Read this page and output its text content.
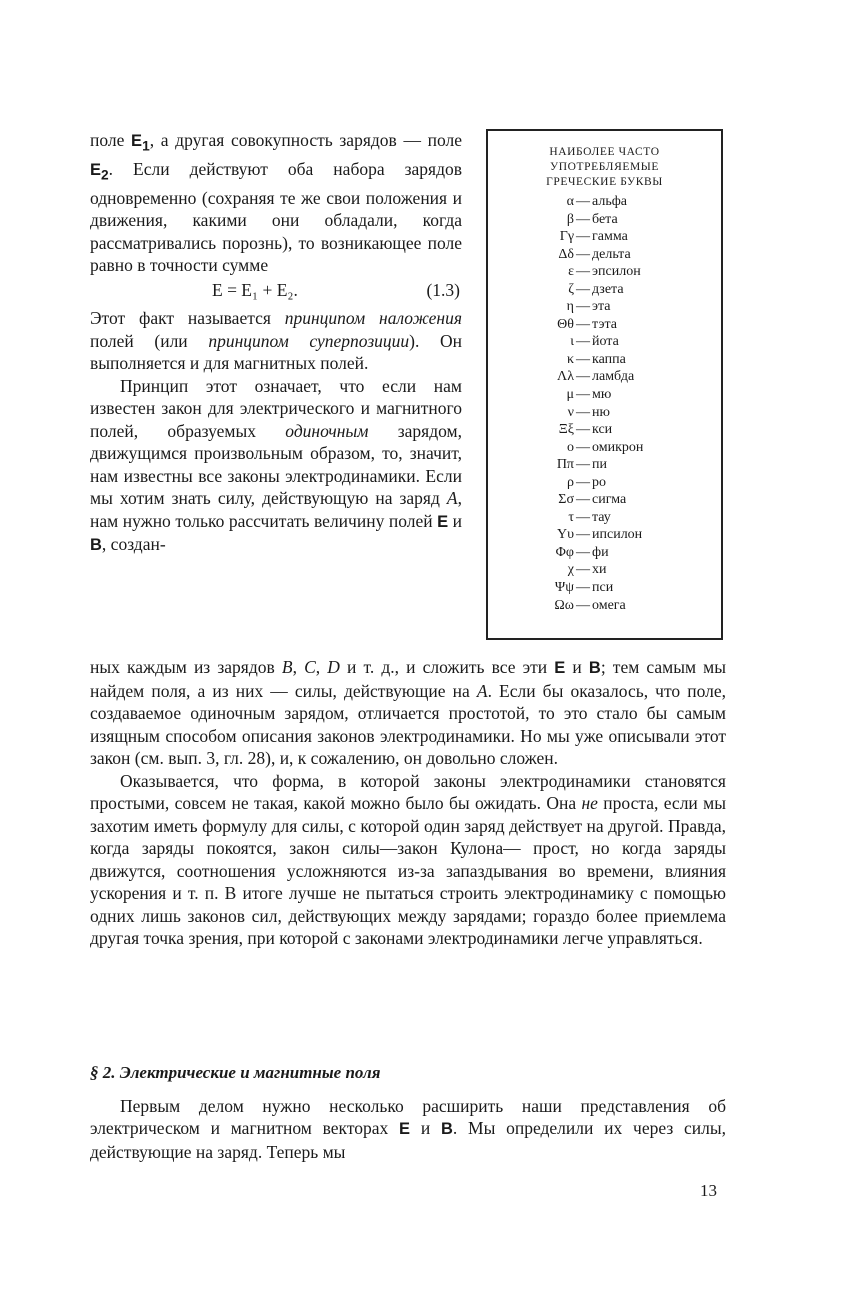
поле $E_1$, а другая совокупность зарядов — поле $E_2$. Если действуют оба набора зарядов одновременно (сохраняя те же свои положения и движения, какими они обладали, когда рассматривались порознь), то возникающее поле равно в точности сумме

E = E₁ + E₂.	(1.3)

Этот факт называется принципом наложения полей (или принципом суперпозиции). Он выполняется и для магнитных полей.

Принцип этот означает, что если нам известен закон для электрического и магнитного полей, образуемых одиночным зарядом, движущимся произвольным образом, то, значит, нам известны все законы электродинамики. Если мы хотим знать силу, действующую на заряд А, нам нужно только рассчитать величину полей E и B, создан-

НАИБОЛЕЕ ЧАСТО
УПОТРЕБЛЯЕМЫЕ
ГРЕЧЕСКИЕ БУКВЫ
α — альфа
β — бета
Γγ — гамма
Δδ — дельта
ε — эпсилон
ζ — дзета
η — эта
Θθ — тэта
ι — йота
κ — каппа
Λλ — ламбда
μ — мю
ν — ню
Ξξ — кси
ο — омикрон
Ππ — пи
ρ — ро
Σσ — сигма
τ — тау
Υυ — ипсилон
Φφ — фи
χ — хи
Ψψ — пси
Ωω — омега

ных каждым из зарядов B, C, D и т. д., и сложить все эти E и B; тем самым мы найдем поля, а из них — силы, действующие на А. Если бы оказалось, что поле, создаваемое одиночным зарядом, отличается простотой, то это стало бы самым изящным способом описания законов электродинамики. Но мы уже описывали этот закон (см. вып. 3, гл. 28), и, к сожалению, он довольно сложен.

Оказывается, что форма, в которой законы электродинамики становятся простыми, совсем не такая, какой можно было бы ожидать. Она не проста, если мы захотим иметь формулу для силы, с которой один заряд действует на другой. Правда, когда заряды покоятся, закон силы—закон Кулона— прост, но когда заряды движутся, соотношения усложняются из-за запаздывания во времени, влияния ускорения и т. п. В итоге лучше не пытаться строить электродинамику с помощью одних лишь законов сил, действующих между зарядами; гораздо более приемлема другая точка зрения, при которой с законами электродинамики легче управляться.

§ 2. Электрические и магнитные поля

Первым делом нужно несколько расширить наши представления об электрическом и магнитном векторах E и B. Мы определили их через силы, действующие на заряд. Теперь мы

13
